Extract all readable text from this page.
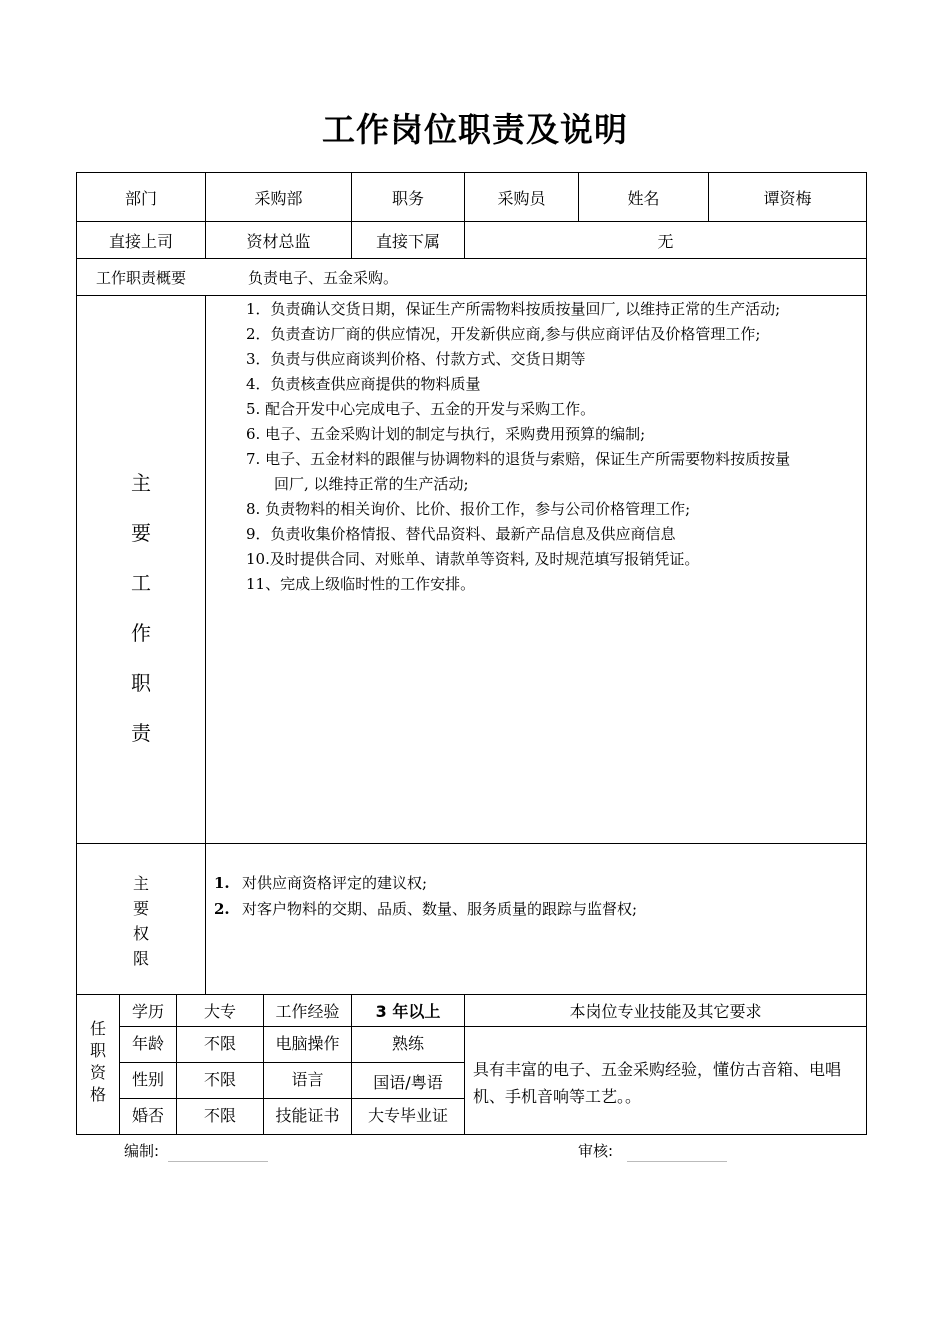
工作岗位职责及说明
部门	采购部	职务	采购员	姓名	谭资梅
直接上司	资材总监	直接下属	无
工作职责概要	负责电子、五金采购。
主
要
工
作
职
责
1．负责确认交货日期，保证生产所需物料按质按量回厂, 以维持正常的生产活动;
2．负责查访厂商的供应情况，开发新供应商,参与供应商评估及价格管理工作;
3．负责与供应商谈判价格、付款方式、交货日期等
4．负责核查供应商提供的物料质量
5. 配合开发中心完成电子、五金的开发与采购工作。
6. 电子、五金采购计划的制定与执行，采购费用预算的编制;
7. 电子、五金材料的跟催与协调物料的退货与索赔，保证生产所需要物料按质按量
回厂, 以维持正常的生产活动;
8. 负责物料的相关询价、比价、报价工作，参与公司价格管理工作;
9．负责收集价格情报、替代品资料、最新产品信息及供应商信息
10.及时提供合同、对账单、请款单等资料, 及时规范填写报销凭证。
11、完成上级临时性的工作安排。
主
要
权
限
1. 对供应商资格评定的建议权;
2. 对客户物料的交期、品质、数量、服务质量的跟踪与监督权;
任
职
资
格
学历	大专	工作经验	3 年以上	本岗位专业技能及其它要求
年龄	不限	电脑操作	熟练
性别	不限	语言	国语/粤语
婚否	不限	技能证书	大专毕业证
具有丰富的电子、五金采购经验，懂仿古音箱、电唱机、手机音响等工艺。。
编制:	审核:
